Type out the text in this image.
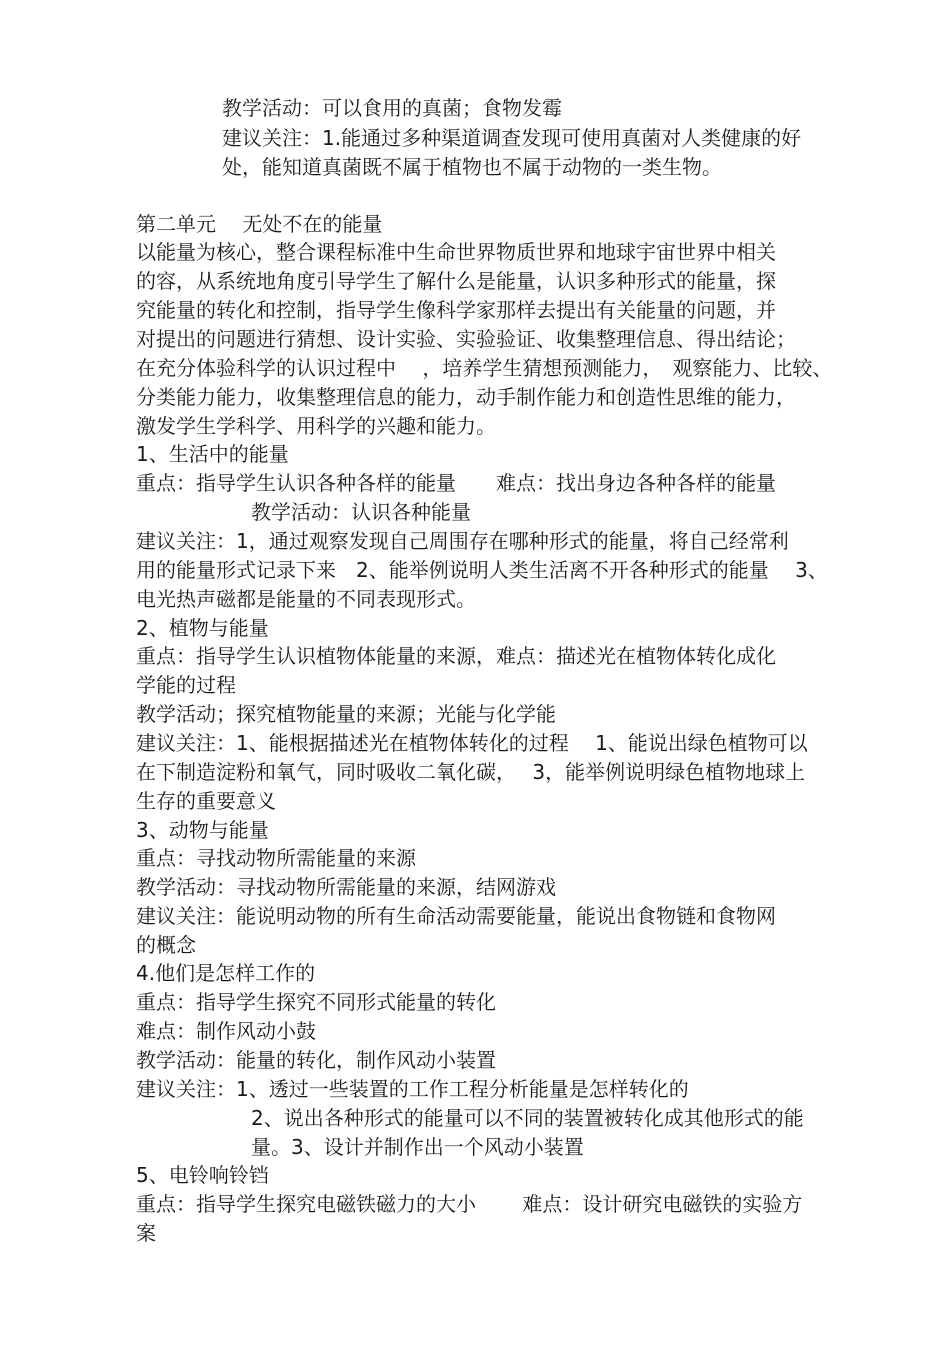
教学活动：可以食用的真菌；食物发霉
建议关注：1.能通过多种渠道调查发现可使用真菌对人类健康的好
处，能知道真菌既不属于植物也不属于动物的一类生物。
第二单元　 无处不在的能量
以能量为核心，整合课程标准中生命世界物质世界和地球宇宙世界中相关
的容，从系统地角度引导学生了解什么是能量，认识多种形式的能量，探
究能量的转化和控制，指导学生像科学家那样去提出有关能量的问题，并
对提出的问题进行猜想、设计实验、实验验证、收集整理信息、得出结论；
在充分体验科学的认识过程中　 ，培养学生猜想预测能力，　观察能力、比较、
分类能力能力，收集整理信息的能力，动手制作能力和创造性思维的能力，
激发学生学科学、用科学的兴趣和能力。
1、生活中的能量
重点：指导学生认识各种各样的能量　　难点：找出身边各种各样的能量
教学活动：认识各种能量
建议关注：1，通过观察发现自己周围存在哪种形式的能量，将自己经常利
用的能量形式记录下来　2、能举例说明人类生活离不开各种形式的能量　 3、
电光热声磁都是能量的不同表现形式。
2、植物与能量
重点：指导学生认识植物体能量的来源，难点：描述光在植物体转化成化
学能的过程
教学活动；探究植物能量的来源；光能与化学能
建议关注：1、能根据描述光在植物体转化的过程　 1、能说出绿色植物可以
在下制造淀粉和氧气，同时吸收二氧化碳，　 3，能举例说明绿色植物地球上
生存的重要意义
3、动物与能量
重点：寻找动物所需能量的来源
教学活动：寻找动物所需能量的来源，结网游戏
建议关注：能说明动物的所有生命活动需要能量，能说出食物链和食物网
的概念
4.他们是怎样工作的
重点：指导学生探究不同形式能量的转化
难点：制作风动小鼓
教学活动：能量的转化，制作风动小装置
建议关注：1、透过一些装置的工作工程分析能量是怎样转化的
2、说出各种形式的能量可以不同的装置被转化成其他形式的能
量。3、设计并制作出一个风动小装置
5、电铃响铃铛
重点：指导学生探究电磁铁磁力的大小　　 难点：设计研究电磁铁的实验方
案
